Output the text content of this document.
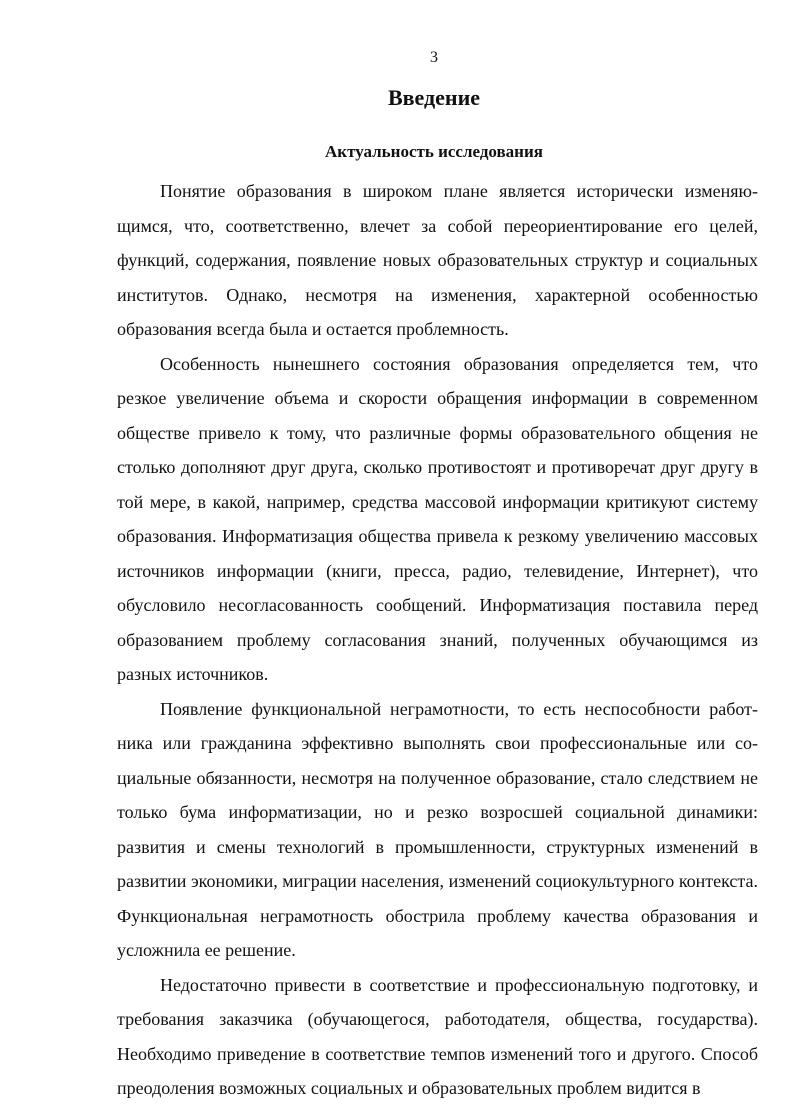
3
Введение
Актуальность исследования

Понятие образования в широком плане является исторически изменяющимся, что, соответственно, влечет за собой переориентирование его целей, функций, содержания, появление новых образовательных структур и социальных институтов. Однако, несмотря на изменения, характерной особенностью образования всегда была и остается проблемность.

Особенность нынешнего состояния образования определяется тем, что резкое увеличение объема и скорости обращения информации в современном обществе привело к тому, что различные формы образовательного общения не столько дополняют друг друга, сколько противостоят и противоречат друг другу в той мере, в какой, например, средства массовой информации критикуют систему образования. Информатизация общества привела к резкому увеличению массовых источников информации (книги, пресса, радио, телевидение, Интернет), что обусловило несогласованность сообщений. Информатизация поставила перед образованием проблему согласования знаний, полученных обучающимся из разных источников.

Появление функциональной неграмотности, то есть неспособности работника или гражданина эффективно выполнять свои профессиональные или социальные обязанности, несмотря на полученное образование, стало следствием не только бума информатизации, но и резко возросшей социальной динамики: развития и смены технологий в промышленности, структурных изменений в развитии экономики, миграции населения, изменений социокультурного контекста. Функциональная неграмотность обострила проблему качества образования и усложнила ее решение.

Недостаточно привести в соответствие и профессиональную подготовку, и требования заказчика (обучающегося, работодателя, общества, государства). Необходимо приведение в соответствие темпов изменений того и другого. Способ преодоления возможных социальных и образовательных проблем видится в
